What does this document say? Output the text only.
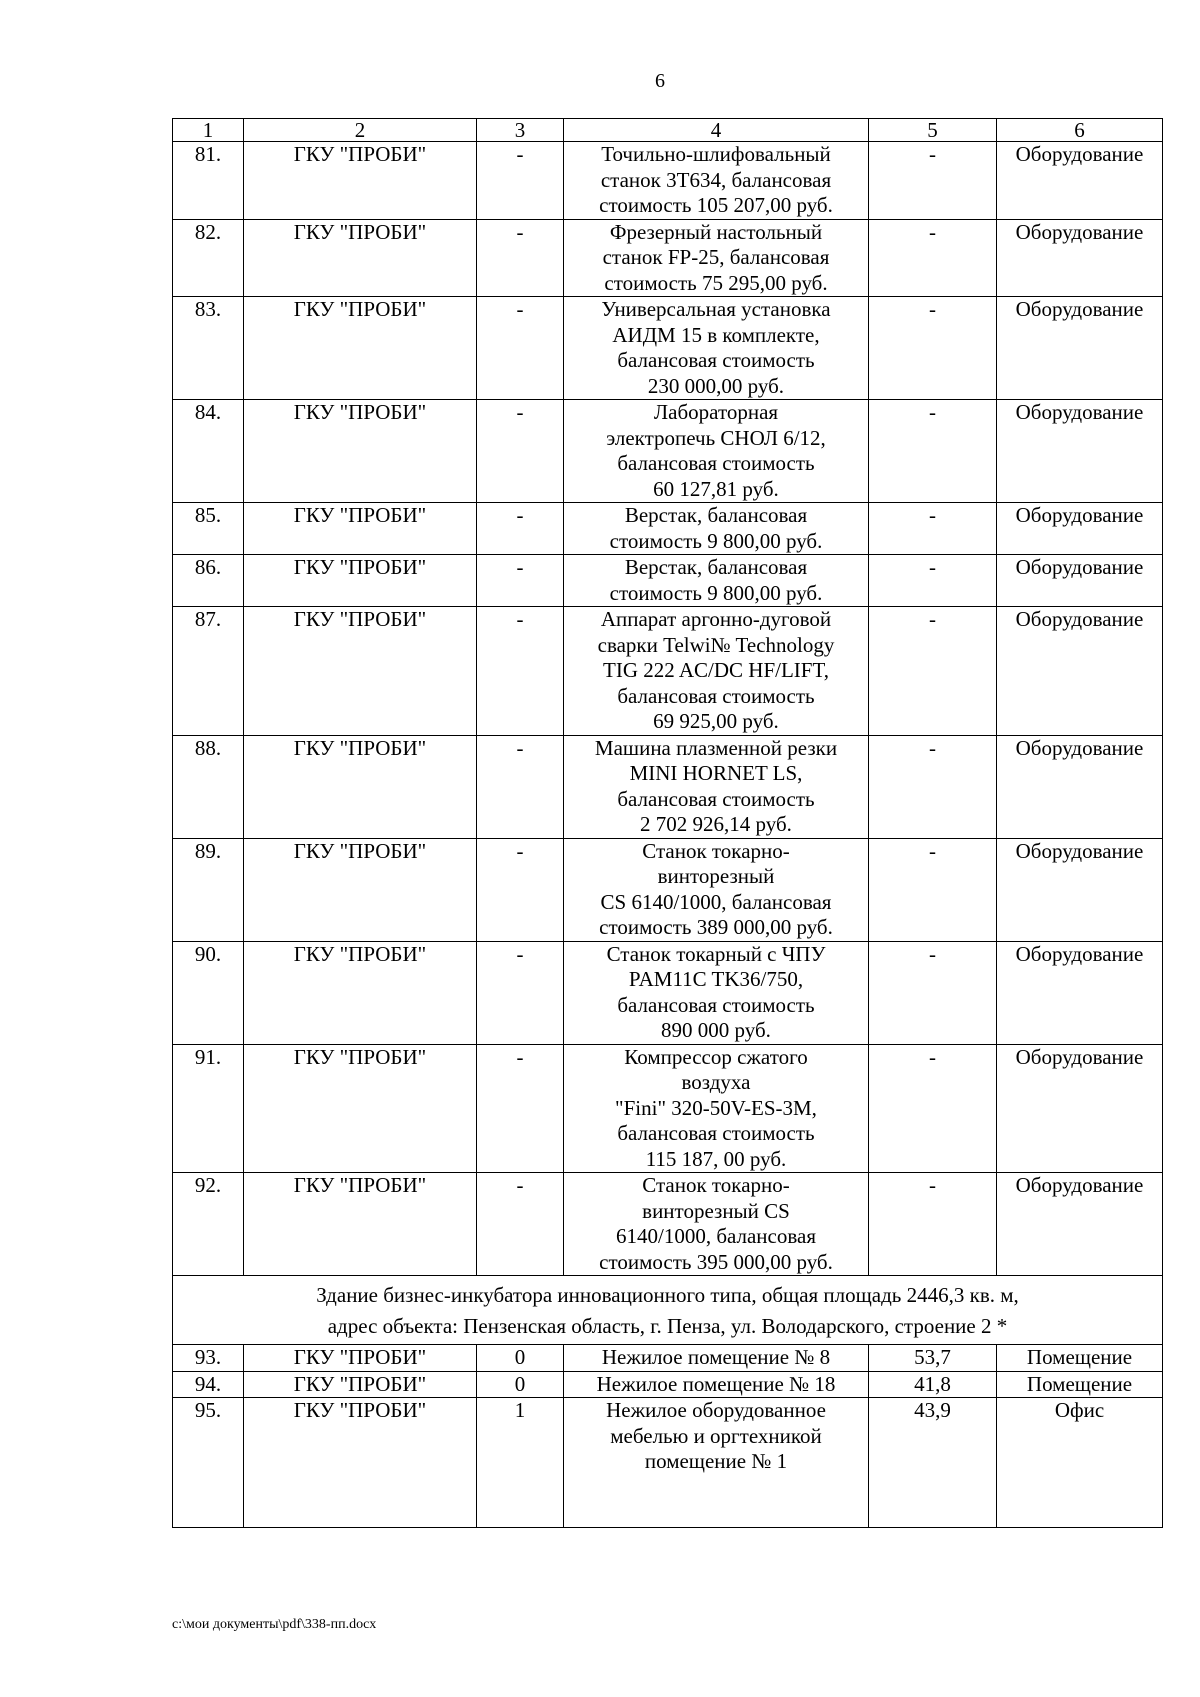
6
1	2	3	4	5	6
81.	ГКУ "ПРОБИ"	-	Точильно-шлифовальный
станок 3Т634, балансовая
стоимость 105 207,00 руб.	-	Оборудование
82.	ГКУ "ПРОБИ"	-	Фрезерный настольный
станок FP-25, балансовая
стоимость 75 295,00 руб.	-	Оборудование
83.	ГКУ "ПРОБИ"	-	Универсальная установка
АИДМ 15 в комплекте,
балансовая стоимость
230 000,00 руб.	-	Оборудование
84.	ГКУ "ПРОБИ"	-	Лабораторная
электропечь СНОЛ 6/12,
балансовая стоимость
60 127,81 руб.	-	Оборудование
85.	ГКУ "ПРОБИ"	-	Верстак, балансовая
стоимость 9 800,00 руб.	-	Оборудование
86.	ГКУ "ПРОБИ"	-	Верстак, балансовая
стоимость 9 800,00 руб.	-	Оборудование
87.	ГКУ "ПРОБИ"	-	Аппарат аргонно-дуговой
сварки Telwi№ Technology
TIG 222 AC/DC HF/LIFT,
балансовая стоимость
69 925,00 руб.	-	Оборудование
88.	ГКУ "ПРОБИ"	-	Машина плазменной резки
MINI HORNET LS,
балансовая стоимость
2 702 926,14 руб.	-	Оборудование
89.	ГКУ "ПРОБИ"	-	Станок токарно-
винторезный
CS 6140/1000, балансовая
стоимость 389 000,00 руб.	-	Оборудование
90.	ГКУ "ПРОБИ"	-	Станок токарный с ЧПУ
PAM11C TK36/750,
балансовая стоимость
890 000 руб.	-	Оборудование
91.	ГКУ "ПРОБИ"	-	Компрессор сжатого
воздуха
"Fini" 320-50V-ES-3M,
балансовая стоимость
115 187, 00 руб.	-	Оборудование
92.	ГКУ "ПРОБИ"	-	Станок токарно-
винторезный CS
6140/1000, балансовая
стоимость 395 000,00 руб.	-	Оборудование

Здание бизнес-инкубатора инновационного типа, общая площадь 2446,3 кв. м,
адрес объекта: Пензенская область, г. Пенза, ул. Володарского, строение 2 *					

93.	ГКУ "ПРОБИ"	0	Нежилое помещение № 8	53,7	Помещение
94.	ГКУ "ПРОБИ"	0	Нежилое помещение № 18	41,8	Помещение
95.	ГКУ "ПРОБИ"	1	Нежилое оборудованное
мебелью и оргтехникой
помещение № 1	43,9	Офис
c:\мои документы\pdf\338-пп.docx
